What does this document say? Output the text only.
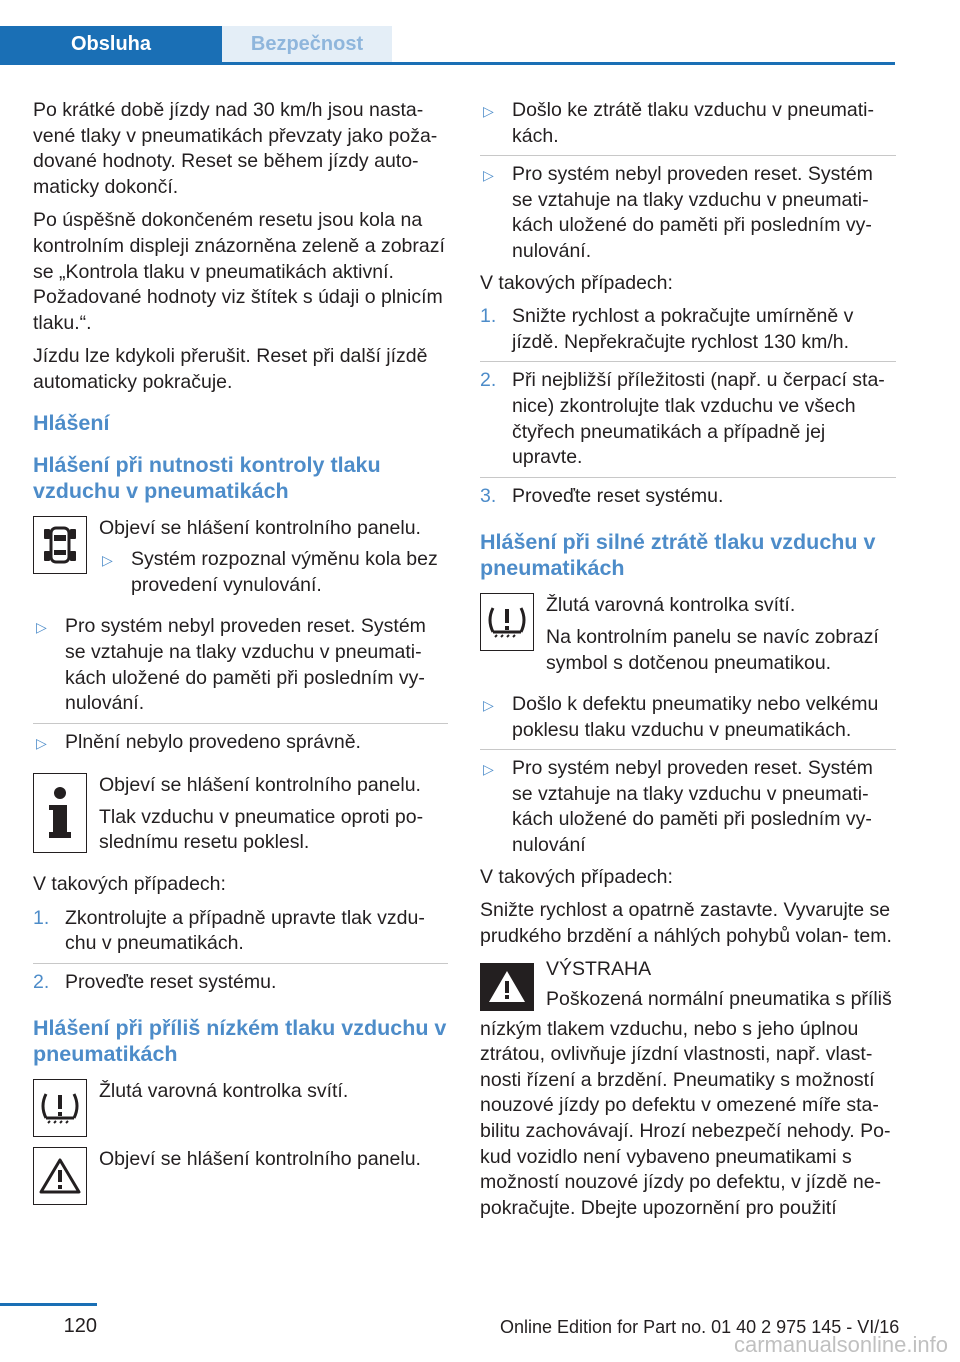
Obsluha	Bezpečnost

Po krátké době jízdy nad 30 km/h jsou nasta‐ vené tlaky v pneumatikách převzaty jako poža‐ dované hodnoty. Reset se během jízdy auto‐ maticky dokončí.

Po úspěšně dokončeném resetu jsou kola na kontrolním displeji znázorněna zeleně a zobrazí se „Kontrola tlaku v pneumatikách aktivní. Požadované hodnoty viz štítek s údaji o plnicím tlaku.“.

Jízdu lze kdykoli přerušit. Reset při další jízdě automaticky pokračuje.

Hlášení
Hlášení při nutnosti kontroly tlaku vzduchu v pneumatikách

Objeví se hlášení kontrolního panelu.

▷ Systém rozpoznal výměnu kola bez provedení vynulování.
▷ Pro systém nebyl proveden reset. Systém se vztahuje na tlaky vzduchu v pneumati‐ kách uložené do paměti při posledním vy‐ nulování.
▷ Plnění nebylo provedeno správně.

Objeví se hlášení kontrolního panelu.

Tlak vzduchu v pneumatice oproti po‐ slednímu resetu poklesl.

V takových případech:

1. Zkontrolujte a případně upravte tlak vzdu‐ chu v pneumatikách.
2. Proveďte reset systému.
Hlášení při příliš nízkém tlaku vzduchu v pneumatikách

Žlutá varovná kontrolka svítí.

Objeví se hlášení kontrolního panelu.

▷ Došlo ke ztrátě tlaku vzduchu v pneumati‐ kách.
▷ Pro systém nebyl proveden reset. Systém se vztahuje na tlaky vzduchu v pneumati‐ kách uložené do paměti při posledním vy‐ nulování.

V takových případech:

1. Snižte rychlost a pokračujte umírněně v jízdě. Nepřekračujte rychlost 130 km/h.
2. Při nejbližší příležitosti (např. u čerpací sta‐ nice) zkontrolujte tlak vzduchu ve všech čtyřech pneumatikách a případně jej upravte.
3. Proveďte reset systému.
Hlášení při silné ztrátě tlaku vzduchu v pneumatikách

Žlutá varovná kontrolka svítí.

Na kontrolním panelu se navíc zobrazí symbol s dotčenou pneumatikou.

▷ Došlo k defektu pneumatiky nebo velkému poklesu tlaku vzduchu v pneumatikách.
▷ Pro systém nebyl proveden reset. Systém se vztahuje na tlaky vzduchu v pneumati‐ kách uložené do paměti při posledním vy‐ nulování

V takových případech:

Snižte rychlost a opatrně zastavte. Vyvarujte se prudkého brzdění a náhlých pohybů volan‐ tem.

VÝSTRAHA

Poškozená normální pneumatika s příliš

nízkým tlakem vzduchu, nebo s jeho úplnou ztrátou, ovlivňuje jízdní vlastnosti, např. vlast‐ nosti řízení a brzdění. Pneumatiky s možností nouzové jízdy po defektu v omezené míře sta‐ bilitu zachovávají. Hrozí nebezpečí nehody. Po‐ kud vozidlo není vybaveno pneumatikami s možností nouzové jízdy po defektu, v jízdě ne‐ pokračujte. Dbejte upozornění pro použití

120	Online Edition for Part no. 01 40 2 975 145 - VI/16
carmanualsonline.info
